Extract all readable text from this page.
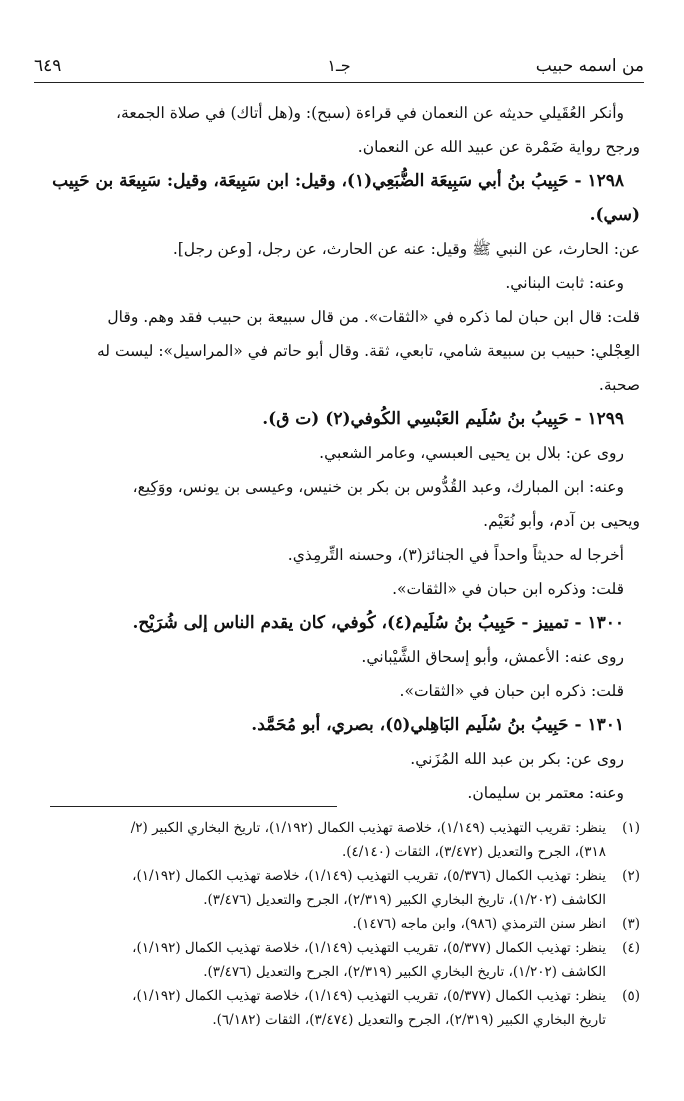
من اسمه حبيب
جـ١
٦٤٩

وأنكر العُقَيلي حديثه عن النعمان في قراءة (سبح): و(هل أتاك) في صلاة الجمعة،

ورجح رواية ضَمْرة عن عبيد الله عن النعمان.

١٢٩٨ - حَبِيبُ بنُ أبي سَبِيعَة الضُّبَعِي(١)، وقيل: ابن سَبِيعَة، وقيل: سَبِيعَة بن حَبِيب

(سي).

عن: الحارث، عن النبي ﷺ وقيل: عنه عن الحارث، عن رجل، [وعن رجل].

وعنه: ثابت البناني.

قلت: قال ابن حبان لما ذكره في «الثقات». من قال سبيعة بن حبيب فقد وهم. وقال

العِجْلي: حبيب بن سبيعة شامي، تابعي، ثقة. وقال أبو حاتم في «المراسيل»: ليست له

صحبة.

١٢٩٩ - حَبِيبُ بنُ سُلَيم العَبْسِي الكُوفي(٢) (ت ق).

روى عن: بلال بن يحيى العبسي، وعامر الشعبي.

وعنه: ابن المبارك، وعبد القُدُّوس بن بكر بن خنيس، وعيسى بن يونس، ووَكِيع،

ويحيى بن آدم، وأبو نُعَيْم.

أخرجا له حديثاً واحداً في الجنائز(٣)، وحسنه التِّرمِذي.

قلت: وذكره ابن حبان في «الثقات».

١٣٠٠ - تمييز - حَبِيبُ بنُ سُلَيم(٤)، كُوفي، كان يقدم الناس إلى شُرَيْح.

روى عنه: الأعمش، وأبو إسحاق الشَّيْباني.

قلت: ذكره ابن حبان في «الثقات».

١٣٠١ - حَبِيبُ بنُ سُلَيم البَاهِلي(٥)، بصري، أبو مُحَمَّد.

روى عن: بكر بن عبد الله المُزَني.

وعنه: معتمر بن سليمان.

(١)
ينظر: تقريب التهذيب (١/١٤٩)، خلاصة تهذيب الكمال (١/١٩٢)، تاريخ البخاري الكبير (٢/
٣١٨)، الجرح والتعديل (٣/٤٧٢)، الثقات (٤/١٤٠).
(٢)
ينظر: تهذيب الكمال (٥/٣٧٦)، تقريب التهذيب (١/١٤٩)، خلاصة تهذيب الكمال (١/١٩٢)،
الكاشف (١/٢٠٢)، تاريخ البخاري الكبير (٢/٣١٩)، الجرح والتعديل (٣/٤٧٦).
(٣)
انظر سنن الترمذي (٩٨٦)، وابن ماجه (١٤٧٦).
(٤)
ينظر: تهذيب الكمال (٥/٣٧٧)، تقريب التهذيب (١/١٤٩)، خلاصة تهذيب الكمال (١/١٩٢)،
الكاشف (١/٢٠٢)، تاريخ البخاري الكبير (٢/٣١٩)، الجرح والتعديل (٣/٤٧٦).
(٥)
ينظر: تهذيب الكمال (٥/٣٧٧)، تقريب التهذيب (١/١٤٩)، خلاصة تهذيب الكمال (١/١٩٢)،
تاريخ البخاري الكبير (٢/٣١٩)، الجرح والتعديل (٣/٤٧٤)، الثقات (٦/١٨٢).
